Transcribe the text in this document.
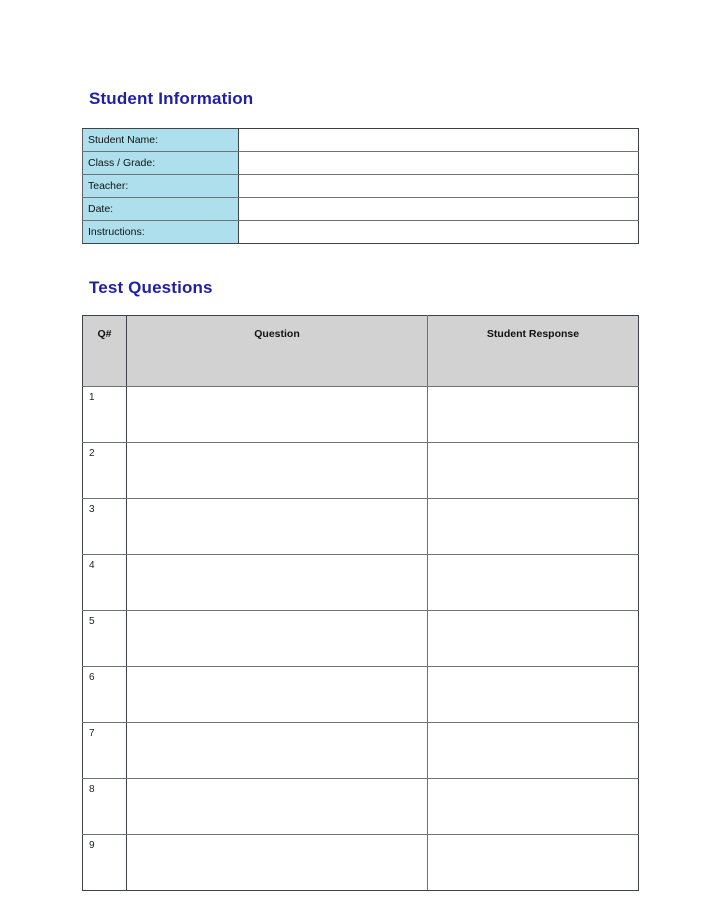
Student Information
Student Name:	
Class / Grade:	
Teacher:	
Date:	
Instructions:	
Test Questions
Q#	Question	Student Response
1		
2		
3		
4		
5		
6		
7		
8		
9		
